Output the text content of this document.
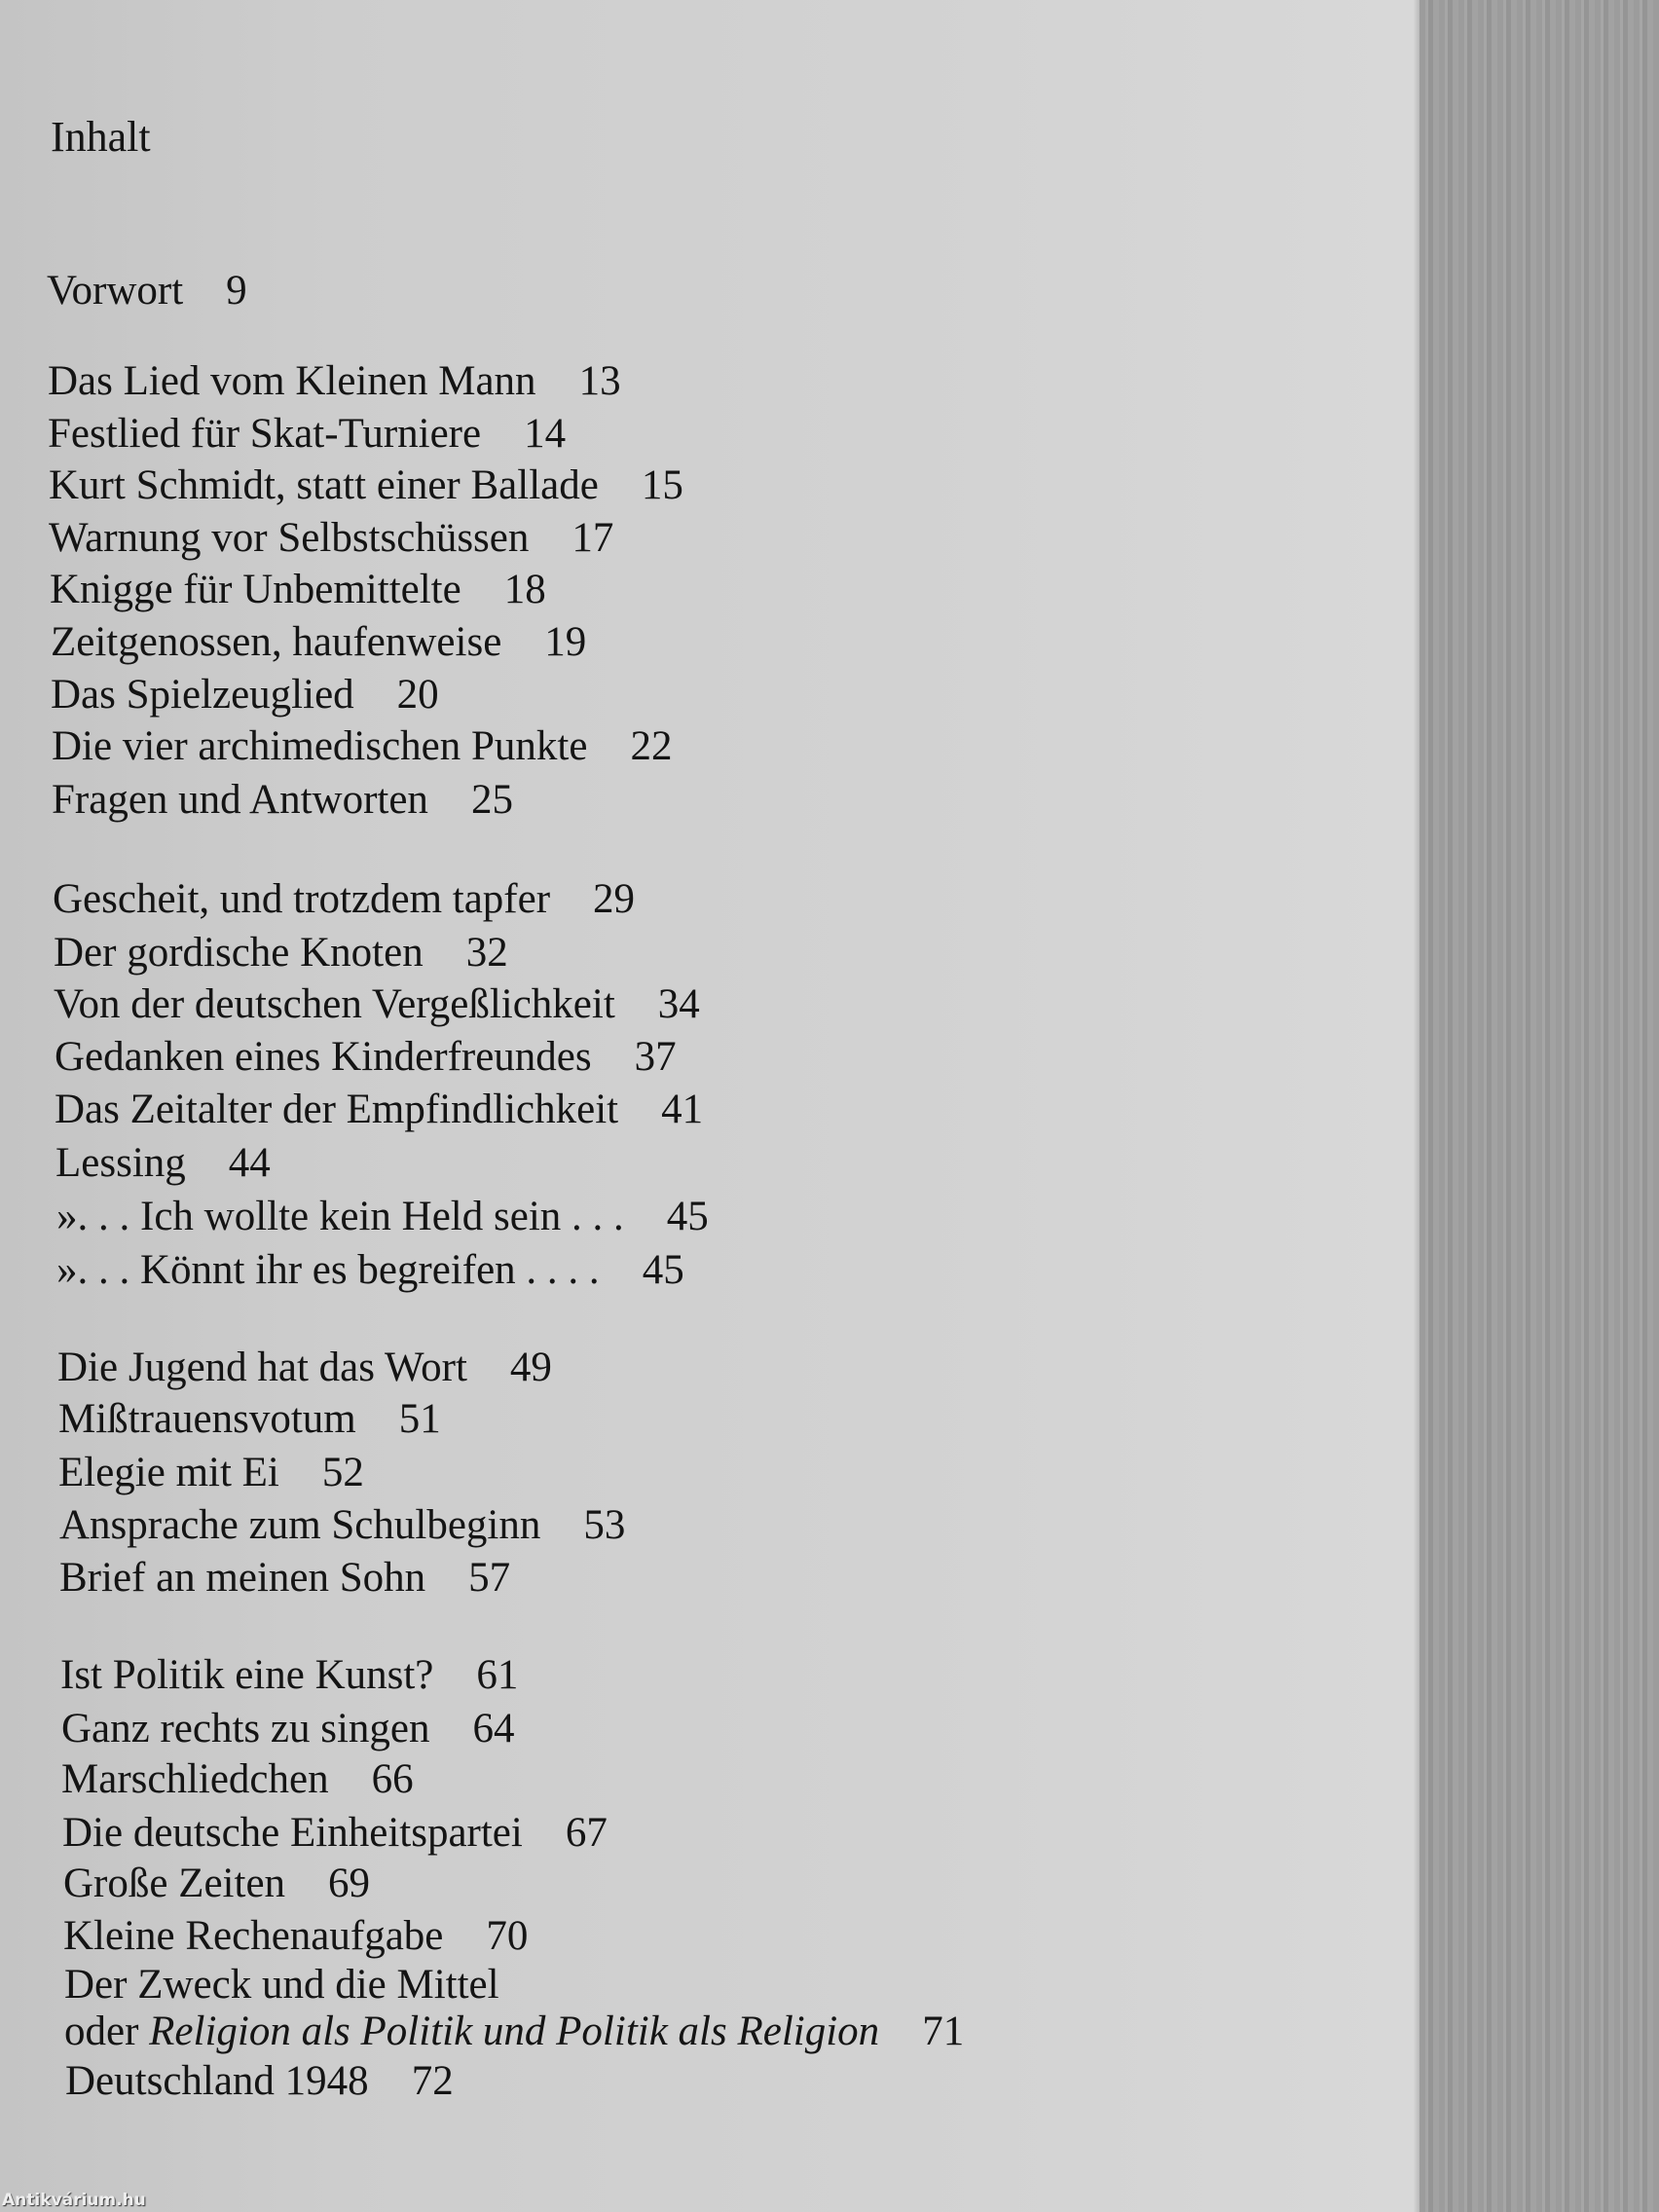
Inhalt
Vorwort 9
Das Lied vom Kleinen Mann 13
Festlied für Skat-Turniere 14
Kurt Schmidt, statt einer Ballade 15
Warnung vor Selbstschüssen 17
Knigge für Unbemittelte 18
Zeitgenossen, haufenweise 19
Das Spielzeuglied 20
Die vier archimedischen Punkte 22
Fragen und Antworten 25
Gescheit, und trotzdem tapfer 29
Der gordische Knoten 32
Von der deutschen Vergeßlichkeit 34
Gedanken eines Kinderfreundes 37
Das Zeitalter der Empfindlichkeit 41
Lessing 44
». . . Ich wollte kein Held sein . . . 45
». . . Könnt ihr es begreifen . . . . 45
Die Jugend hat das Wort 49
Mißtrauensvotum 51
Elegie mit Ei 52
Ansprache zum Schulbeginn 53
Brief an meinen Sohn 57
Ist Politik eine Kunst? 61
Ganz rechts zu singen 64
Marschliedchen 66
Die deutsche Einheitspartei 67
Große Zeiten 69
Kleine Rechenaufgabe 70
Der Zweck und die Mittel
oder Religion als Politik und Politik als Religion 71
Deutschland 1948 72
Antikvárium.hu
